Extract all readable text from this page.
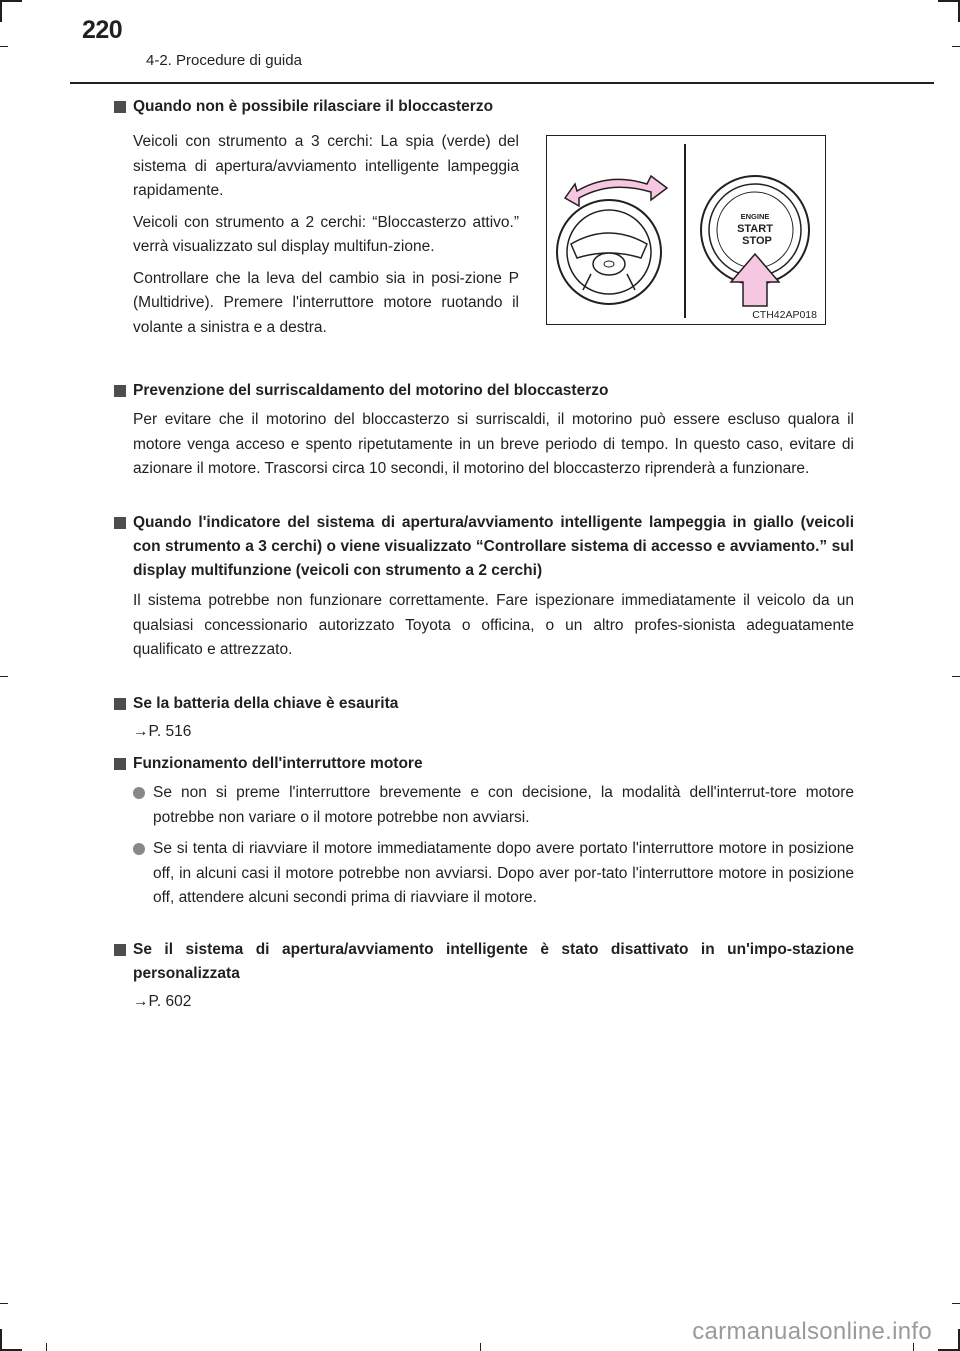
220
4-2. Procedure di guida
Quando non è possibile rilasciare il bloccasterzo

Veicoli con strumento a 3 cerchi: La spia (verde) del sistema di apertura/avviamento intelligente lampeggia rapidamente.

Veicoli con strumento a 2 cerchi: “Bloccasterzo attivo.” verrà visualizzato sul display multifun-zione.

Controllare che la leva del cambio sia in posi-zione P (Multidrive). Premere l'interruttore motore ruotando il volante a sinistra e a destra.

ENGINE
START
STOP
CTH42AP018
Prevenzione del surriscaldamento del motorino del bloccasterzo

Per evitare che il motorino del bloccasterzo si surriscaldi, il motorino può essere escluso qualora il motore venga acceso e spento ripetutamente in un breve periodo di tempo. In questo caso, evitare di azionare il motore. Trascorsi circa 10 secondi, il motorino del bloccasterzo riprenderà a funzionare.

Quando l'indicatore del sistema di apertura/avviamento intelligente lampeggia in giallo (veicoli con strumento a 3 cerchi) o viene visualizzato “Controllare sistema di accesso e avviamento.” sul display multifunzione (veicoli con strumento a 2 cerchi)

Il sistema potrebbe non funzionare correttamente. Fare ispezionare immediatamente il veicolo da un qualsiasi concessionario autorizzato Toyota o officina, o un altro profes-sionista adeguatamente qualificato e attrezzato.

Se la batteria della chiave è esaurita

→P. 516

Funzionamento dell'interruttore motore
Se non si preme l'interruttore brevemente e con decisione, la modalità dell'interrut-tore motore potrebbe non variare o il motore potrebbe non avviarsi.
Se si tenta di riavviare il motore immediatamente dopo avere portato l'interruttore motore in posizione off, in alcuni casi il motore potrebbe non avviarsi. Dopo aver por-tato l'interruttore motore in posizione off, attendere alcuni secondi prima di riavviare il motore.
Se il sistema di apertura/avviamento intelligente è stato disattivato in un'impo-stazione personalizzata

→P. 602

carmanualsonline.info
